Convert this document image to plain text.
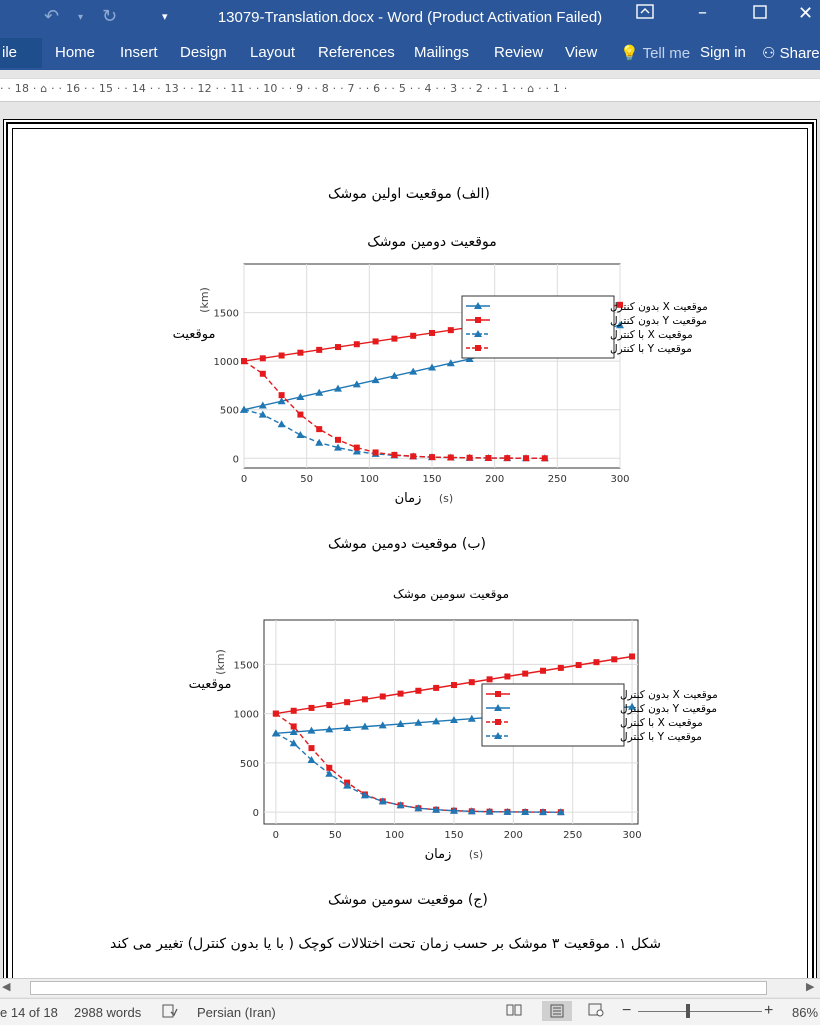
↶ ▾ ↻	▾	13079-Translation.docx - Word (Product Activation Failed)	–	✕
ile	Home Insert Design Layout References Mailings Review View 💡 Tell me Sign in ⚇ Share
· · 18 · ⌂ · · 16 · · 15 · · 14 · · 13 · · 12 · · 11 · · 10 · · 9 · · 8 · · 7 · · 6 · · 5 · · 4 · · 3 · · 2 · · 1 · · ⌂ · · 1 ·
(الف) موقعیت اولین موشک
موقعیت دومین موشک
0	50	100	150	200	250	300
0
500
1000
1500
زمان (s)
موقعیت
(km)	موقعیت X بدون کنترل
موقعیت Y بدون کنترل
موقعیت X با کنترل
موقعیت Y با کنترل
(ب) موقعیت دومین موشک
موقعیت سومین موشک
0	50	100	150	200	250	300
0
500
1000
1500
زمان (s)
موقعیت
(km)
موقعیت X بدون کنترل
موقعیت Y بدون کنترل
موقعیت X با کنترل
موقعیت Y با کنترل
(ج) موقعیت سومین موشک
شکل ۱. موقعیت ۳ موشک بر حسب زمان تحت اختلالات کوچک ( با یا بدون کنترل) تغییر می کند
◀	▶
e 14 of 18 2988 words	Persian (Iran)	−	+ 86%
